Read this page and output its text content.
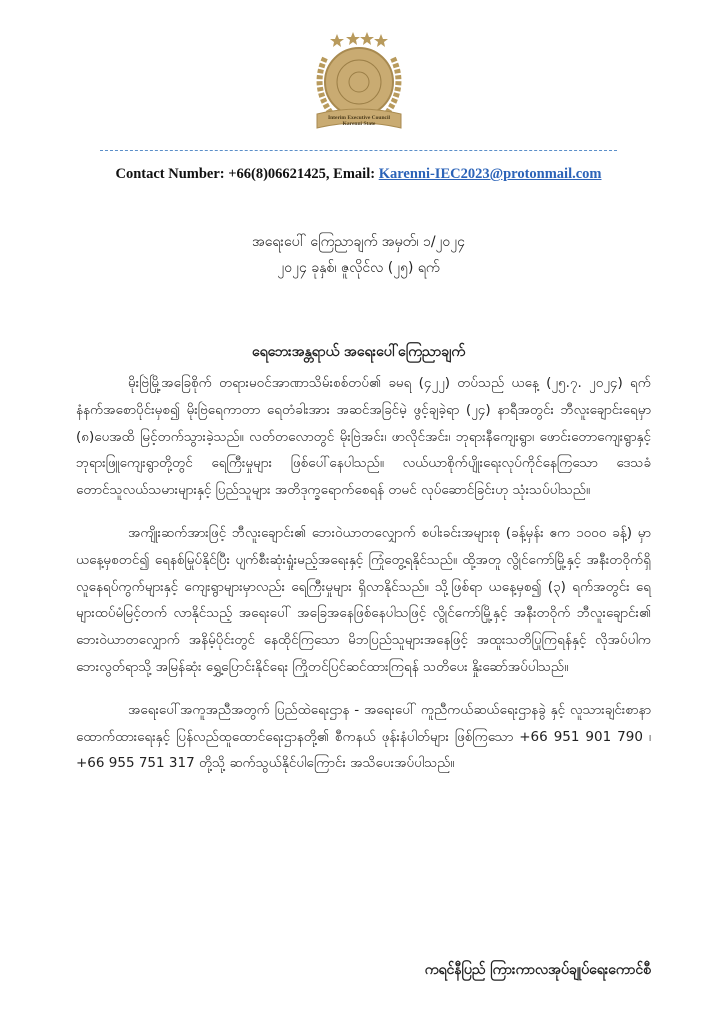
Interim Executive Council
Karenni State
Contact Number: +66(8)06621425, Email: Karenni-IEC2023@protonmail.com
အရေးပေါ် ကြေညာချက် အမှတ်၊ ၁/၂၀၂၄
၂၀၂၄ ခုနှစ်၊ ဇူလိုင်လ (၂၅) ရက်
ရေဘေးအန္တရာယ် အရေးပေါ်ကြေညာချက်

မိုးဗြဲမြို့အခြေစိုက် တရားမဝင်အာဏာသိမ်းစစ်တပ်၏ ခမရ (၄၂၂) တပ်သည် ယနေ့ (၂၅.၇. ၂၀၂၄) ရက် နံနက်အစောပိုင်းမှစ၍ မိုးဗြဲရေကာတာ ရေတံခါးအား အဆင်အခြင်မဲ့ ဖွင့်ချခဲ့ရာ (၂၄) နာရီအတွင်း ဘီလူးချောင်းရေမှာ (၈)ပေအထိ မြင့်တက်သွားခဲ့သည်။ လတ်တလောတွင် မိုးဗြဲအင်း၊ ဖာလိုင်အင်း၊ ဘုရားနီကျေးရွာ၊ ဖောင်းတောကျေးရွာနှင့် ဘုရားဖြူကျေးရွာတို့တွင် ရေကြီးမှုများ ဖြစ်ပေါ်နေပါသည်။ လယ်ယာစိုက်ပျိုးရေးလုပ်ကိုင်နေကြသော ဒေသခံ တောင်သူလယ်သမားများနှင့် ပြည်သူများ အတိဒုက္ခရောက်စေရန် တမင် လုပ်ဆောင်ခြင်းဟု သုံးသပ်ပါသည်။

အကျိုးဆက်အားဖြင့် ဘီလူးချောင်း၏ ဘေးဝဲယာတလျှောက် စပါးခင်းအများစု (ခန့်မှန်း ဧက ၁၀၀၀ ခန့်) မှာ ယနေ့မှစတင်၍ ရေနစ်မြုပ်နိုင်ပြီး ပျက်စီးဆုံးရှုံးမည့်အရေးနှင့် ကြုံတွေ့ရနိုင်သည်။ ထို့အတူ လွိုင်ကော်မြို့နှင့် အနီးတဝိုက်ရှိ လူနေရပ်ကွက်များနှင့် ကျေးရွာများမှာလည်း ရေကြီးမှုများ ရှိလာနိုင်သည်။ သို့ဖြစ်ရာ ယနေ့မှစ၍ (၃) ရက်အတွင်း ရေများထပ်မံမြင့်တက် လာနိုင်သည့် အရေးပေါ် အခြေအနေဖြစ်နေပါသဖြင့် လွိုင်ကော်မြို့နှင့် အနီးတဝိုက် ဘီလူးချောင်း၏ ဘေးဝဲယာတလျှောက် အနိမ့်ပိုင်းတွင် နေထိုင်ကြသော မိဘပြည်သူများအနေဖြင့် အထူးသတိပြုကြရန်နှင့် လိုအပ်ပါက ဘေးလွတ်ရာသို့ အမြန်ဆုံး ရွှေ့ပြောင်းနိုင်ရေး ကြိုတင်ပြင်ဆင်ထားကြရန် သတိပေး နှိုးဆော်အပ်ပါသည်။

အရေးပေါ်အကူအညီအတွက် ပြည်ထဲရေးဌာန - အရေးပေါ် ကူညီကယ်ဆယ်ရေးဌာနခွဲ နှင့် လူသားချင်းစာနာထောက်ထားရေးနှင့် ပြန်လည်ထူထောင်ရေးဌာနတို့၏ စီကနယ် ဖုန်းနံပါတ်များ ဖြစ်ကြသော +66 951 901 790 ၊ +66 955 751 317 တို့သို့ ဆက်သွယ်နိုင်ပါကြောင်း အသိပေးအပ်ပါသည်။

ကရင်နီပြည် ကြားကာလအုပ်ချုပ်ရေးကောင်စီ
